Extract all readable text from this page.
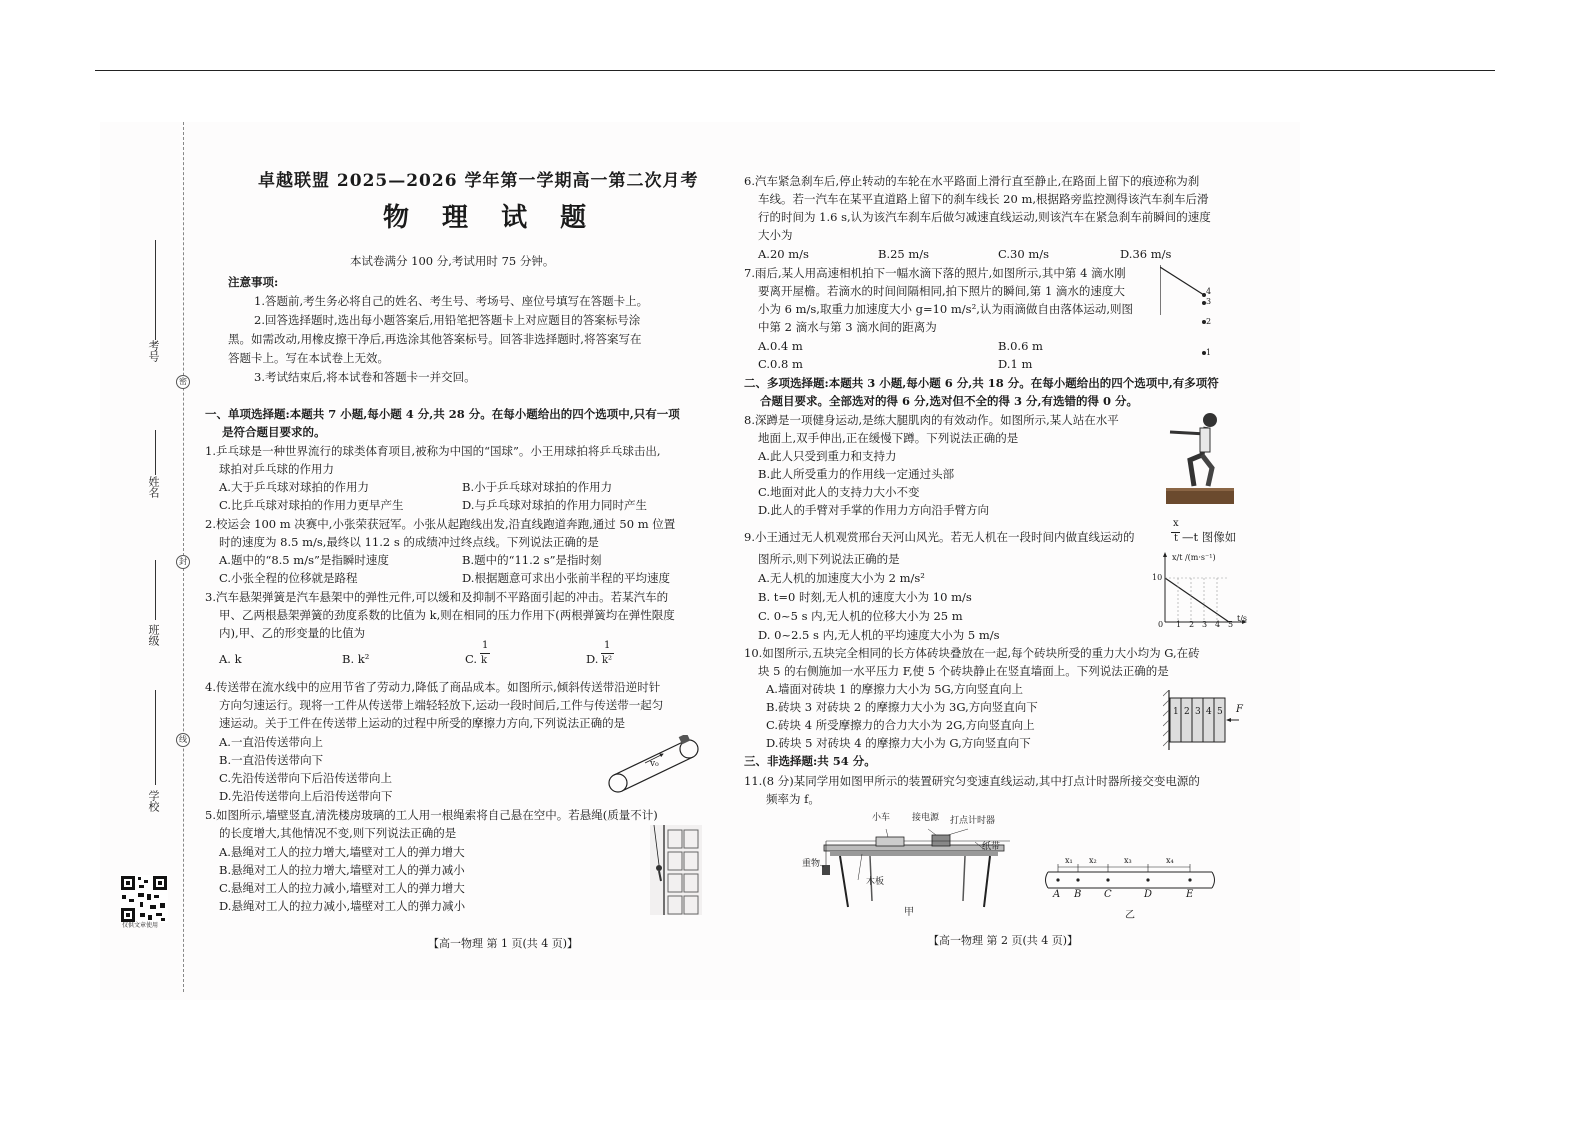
考号
姓名
班级
学校
密
封
线
仅供文章使用
卓越联盟 2025—2026 学年第一学期高一第二次月考
物 理 试 题
本试卷满分 100 分,考试用时 75 分钟。
注意事项:
1.答题前,考生务必将自己的姓名、考生号、考场号、座位号填写在答题卡上。
2.回答选择题时,选出每小题答案后,用铅笔把答题卡上对应题目的答案标号涂
黑。如需改动,用橡皮擦干净后,再选涂其他答案标号。回答非选择题时,将答案写在
答题卡上。写在本试卷上无效。
3.考试结束后,将本试卷和答题卡一并交回。
一、单项选择题:本题共 7 小题,每小题 4 分,共 28 分。在每小题给出的四个选项中,只有一项
是符合题目要求的。
1.乒乓球是一种世界流行的球类体育项目,被称为中国的“国球”。小王用球拍将乒乓球击出,
球拍对乒乓球的作用力
A.大于乒乓球对球拍的作用力	B.小于乒乓球对球拍的作用力
C.比乒乓球对球拍的作用力更早产生	D.与乒乓球对球拍的作用力同时产生
2.校运会 100 m 决赛中,小张荣获冠军。小张从起跑线出发,沿直线跑道奔跑,通过 50 m 位置
时的速度为 8.5 m/s,最终以 11.2 s 的成绩冲过终点线。下列说法正确的是
A.题中的“8.5 m/s”是指瞬时速度	B.题中的“11.2 s”是指时刻
C.小张全程的位移就是路程	D.根据题意可求出小张前半程的平均速度
3.汽车悬架弹簧是汽车悬架中的弹性元件,可以缓和及抑制不平路面引起的冲击。若某汽车的
甲、乙两根悬架弹簧的劲度系数的比值为 k,则在相同的压力作用下(两根弹簧均在弹性限度
内),甲、乙的形变量的比值为
A. k	B. k²	C.
1
k	D.
1
k²
4.传送带在流水线中的应用节省了劳动力,降低了商品成本。如图所示,倾斜传送带沿逆时针
方向匀速运行。现将一工件从传送带上端轻轻放下,运动一段时间后,工件与传送带一起匀
速运动。关于工件在传送带上运动的过程中所受的摩擦力方向,下列说法正确的是
A.一直沿传送带向上
B.一直沿传送带向下
C.先沿传送带向下后沿传送带向上
D.先沿传送带向上后沿传送带向下
v₀
5.如图所示,墙壁竖直,清洗楼房玻璃的工人用一根绳索将自己悬在空中。若悬绳(质量不计)
的长度增大,其他情况不变,则下列说法正确的是
A.悬绳对工人的拉力增大,墙壁对工人的弹力增大
B.悬绳对工人的拉力增大,墙壁对工人的弹力减小
C.悬绳对工人的拉力减小,墙壁对工人的弹力增大
D.悬绳对工人的拉力减小,墙壁对工人的弹力减小
【高一物理 第 1 页(共 4 页)】
6.汽车紧急刹车后,停止转动的车轮在水平路面上滑行直至静止,在路面上留下的痕迹称为刹
车线。若一汽车在某平直道路上留下的刹车线长 20 m,根据路旁监控测得该汽车刹车后滑
行的时间为 1.6 s,认为该汽车刹车后做匀减速直线运动,则该汽车在紧急刹车前瞬间的速度
大小为
A.20 m/s	B.25 m/s	C.30 m/s	D.36 m/s
7.雨后,某人用高速相机拍下一幅水滴下落的照片,如图所示,其中第 4 滴水刚
要离开屋檐。若滴水的时间间隔相同,拍下照片的瞬间,第 1 滴水的速度大
小为 6 m/s,取重力加速度大小 g=10 m/s²,认为雨滴做自由落体运动,则图
中第 2 滴水与第 3 滴水间的距离为
A.0.4 m	B.0.6 m
C.0.8 m	D.1 m
4
3
2
1
二、多项选择题:本题共 3 小题,每小题 6 分,共 18 分。在每小题给出的四个选项中,有多项符
合题目要求。全部选对的得 6 分,选对但不全的得 3 分,有选错的得 0 分。
8.深蹲是一项健身运动,是练大腿肌肉的有效动作。如图所示,某人站在水平
地面上,双手伸出,正在缓慢下蹲。下列说法正确的是
A.此人只受到重力和支持力
B.此人所受重力的作用线一定通过头部
C.地面对此人的支持力大小不变
D.此人的手臂对手掌的作用力方向沿手臂方向
9.小王通过无人机观赏邢台天河山风光。若无人机在一段时间内做直线运动的
x
t —t 图像如
图所示,则下列说法正确的是
A.无人机的加速度大小为 2 m/s²
B. t=0 时刻,无人机的速度大小为 10 m/s
C. 0~5 s 内,无人机的位移大小为 25 m
D. 0~2.5 s 内,无人机的平均速度大小为 5 m/s
x/t /(m·s⁻¹)
10
0 1 2 3 4 5
t/s
10.如图所示,五块完全相同的长方体砖块叠放在一起,每个砖块所受的重力大小均为 G,在砖
块 5 的右侧施加一水平压力 F,使 5 个砖块静止在竖直墙面上。下列说法正确的是
A.墙面对砖块 1 的摩擦力大小为 5G,方向竖直向上
B.砖块 3 对砖块 2 的摩擦力大小为 3G,方向竖直向下
C.砖块 4 所受摩擦力的合力大小为 2G,方向竖直向上
D.砖块 5 对砖块 4 的摩擦力大小为 G,方向竖直向下
1 2 3 4 5 F
三、非选择题:共 54 分。
11.(8 分)某同学用如图甲所示的装置研究匀变速直线运动,其中打点计时器所接交变电源的
频率为 f。
小车 接电源 打点计时器
纸带
重物
木板
甲
x₁ x₂	x₃	x₄
A B C	D	E
乙
【高一物理 第 2 页(共 4 页)】
